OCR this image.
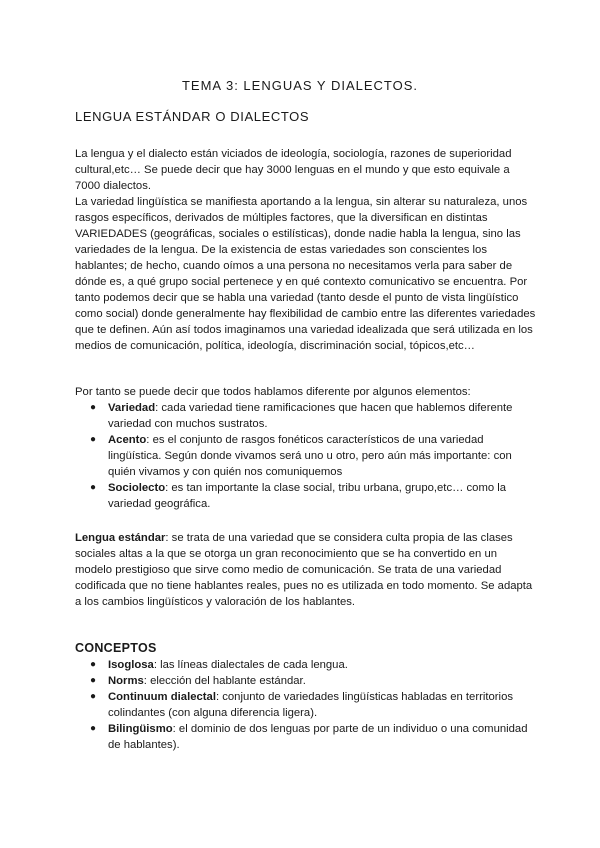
TEMA 3: LENGUAS Y DIALECTOS.
LENGUA ESTÁNDAR O DIALECTOS

La lengua y el dialecto están viciados de ideología, sociología, razones de superioridad cultural,etc… Se puede decir que hay 3000 lenguas en el mundo y que esto equivale a 7000 dialectos.

La variedad lingüística se manifiesta aportando a la lengua, sin alterar su naturaleza, unos rasgos específicos, derivados de múltiples factores, que la diversifican en distintas VARIEDADES (geográficas, sociales o estilísticas), donde nadie habla la lengua, sino las variedades de la lengua. De la existencia de estas variedades son conscientes los hablantes; de hecho, cuando oímos a una persona no necesitamos verla para saber de dónde es, a qué grupo social pertenece y en qué contexto comunicativo se encuentra. Por tanto podemos decir que se habla una variedad (tanto desde el punto de vista lingüístico como social) donde generalmente hay flexibilidad de cambio entre las diferentes variedades que te definen. Aún así todos imaginamos una variedad idealizada que será utilizada en los medios de comunicación, política, ideología, discriminación social, tópicos,etc…

Por tanto se puede decir que todos hablamos diferente por algunos elementos:

● Variedad: cada variedad tiene ramificaciones que hacen que hablemos diferente variedad con muchos sustratos.
● Acento: es el conjunto de rasgos fonéticos característicos de una variedad lingüística. Según donde vivamos será uno u otro, pero aún más importante: con quién vivamos y con quién nos comuniquemos
● Sociolecto: es tan importante la clase social, tribu urbana, grupo,etc… como la variedad geográfica.

Lengua estándar: se trata de una variedad que se considera culta propia de las clases sociales altas a la que se otorga un gran reconocimiento que se ha convertido en un modelo prestigioso que sirve como medio de comunicación. Se trata de una variedad codificada que no tiene hablantes reales, pues no es utilizada en todo momento. Se adapta a los cambios lingüísticos y valoración de los hablantes.

CONCEPTOS
● Isoglosa: las líneas dialectales de cada lengua.
● Norms: elección del hablante estándar.
● Continuum dialectal: conjunto de variedades lingüísticas habladas en territorios colindantes (con alguna diferencia ligera).
● Bilingüismo: el dominio de dos lenguas por parte de un individuo o una comunidad de hablantes).
